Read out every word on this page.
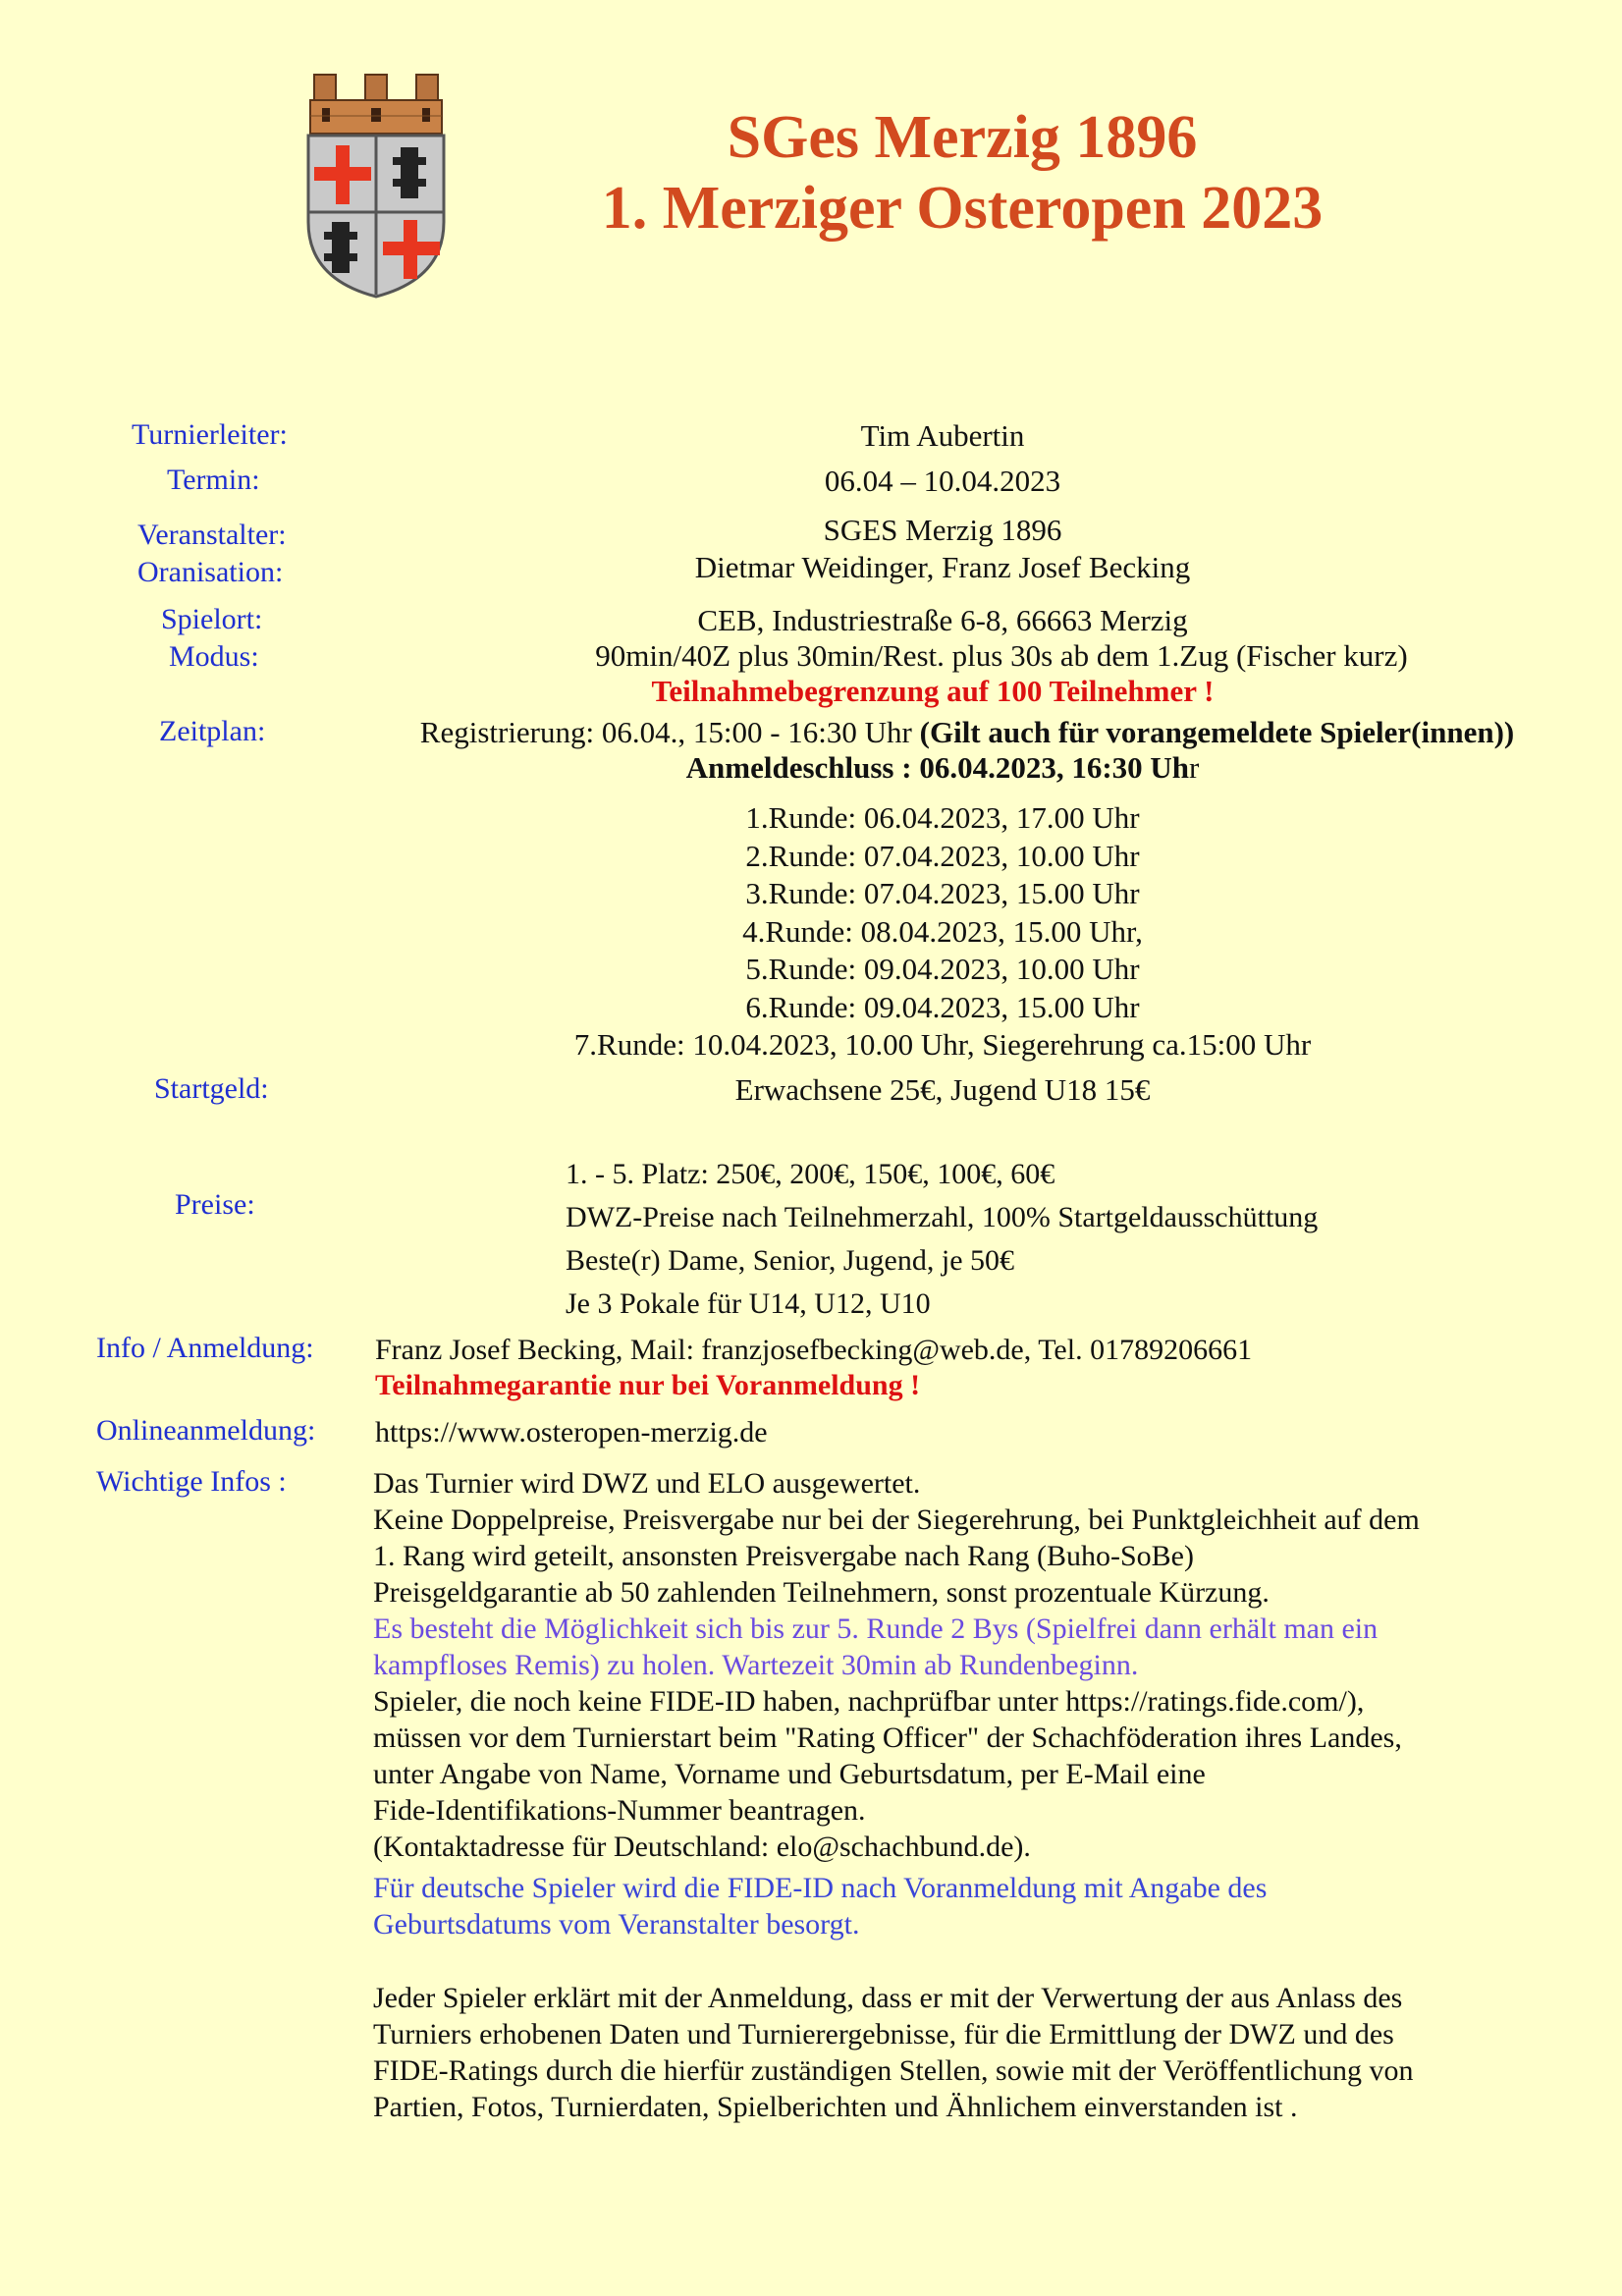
SGes Merzig 1896
1. Merziger Osteropen 2023
Turnierleiter:
Termin:
Veranstalter:
Oranisation:
Spielort:
Modus:
Zeitplan:
Startgeld:
Preise:
Info / Anmeldung:
Onlineanmeldung:
Wichtige Infos :
Tim Aubertin
06.04 – 10.04.2023
SGES Merzig 1896
Dietmar Weidinger, Franz Josef Becking
CEB, Industriestraße 6-8, 66663 Merzig
90min/40Z plus 30min/Rest. plus 30s ab dem 1.Zug (Fischer kurz)
Teilnahmebegrenzung auf 100 Teilnehmer !
Registrierung: 06.04., 15:00 - 16:30 Uhr (Gilt auch für vorangemeldete Spieler(innen))
Anmeldeschluss : 06.04.2023, 16:30 Uhr
1.Runde: 06.04.2023, 17.00 Uhr
2.Runde: 07.04.2023, 10.00 Uhr
3.Runde: 07.04.2023, 15.00 Uhr
4.Runde: 08.04.2023, 15.00 Uhr,
5.Runde: 09.04.2023, 10.00 Uhr
6.Runde: 09.04.2023, 15.00 Uhr
7.Runde: 10.04.2023, 10.00 Uhr, Siegerehrung ca.15:00 Uhr
Erwachsene 25€, Jugend U18 15€
1. - 5. Platz: 250€, 200€, 150€, 100€, 60€
DWZ-Preise nach Teilnehmerzahl, 100% Startgeldausschüttung
Beste(r) Dame, Senior, Jugend, je 50€
Je 3 Pokale für U14, U12, U10
Franz Josef Becking, Mail: franzjosefbecking@web.de, Tel. 01789206661
Teilnahmegarantie nur bei Voranmeldung !
https://www.osteropen-merzig.de
Das Turnier wird DWZ und ELO ausgewertet.
Keine Doppelpreise, Preisvergabe nur bei der Siegerehrung, bei Punktgleichheit auf dem
1. Rang wird geteilt, ansonsten Preisvergabe nach Rang (Buho-SoBe)
Preisgeldgarantie ab 50 zahlenden Teilnehmern, sonst prozentuale Kürzung.
Es besteht die Möglichkeit sich bis zur 5. Runde 2 Bys (Spielfrei dann erhält man ein
kampfloses Remis) zu holen. Wartezeit 30min ab Rundenbeginn.
Spieler, die noch keine FIDE-ID haben, nachprüfbar unter https://ratings.fide.com/),
müssen vor dem Turnierstart beim "Rating Officer" der Schachföderation ihres Landes,
unter Angabe von Name, Vorname und Geburtsdatum, per E-Mail eine
Fide-Identifikations-Nummer beantragen.
(Kontaktadresse für Deutschland: elo@schachbund.de).
Für deutsche Spieler wird die FIDE-ID nach Voranmeldung mit Angabe des
Geburtsdatums vom Veranstalter besorgt.
Jeder Spieler erklärt mit der Anmeldung, dass er mit der Verwertung der aus Anlass des
Turniers erhobenen Daten und Turnierergebnisse, für die Ermittlung der DWZ und des
FIDE-Ratings durch die hierfür zuständigen Stellen, sowie mit der Veröffentlichung von
Partien, Fotos, Turnierdaten, Spielberichten und Ähnlichem einverstanden ist .
